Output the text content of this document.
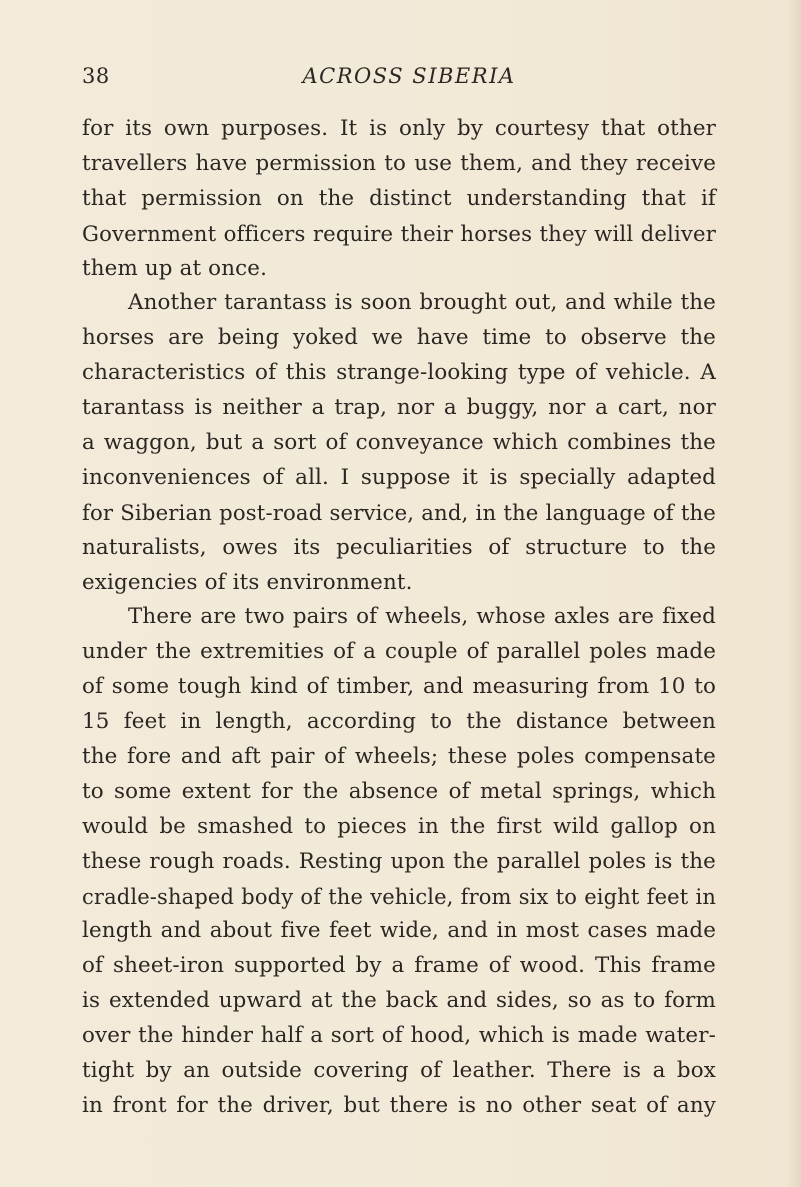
38	ACROSS SIBERIA
for its own purposes. It is only by courtesy that other
travellers have permission to use them, and they receive
that permission on the distinct understanding that if
Government officers require their horses they will deliver
them up at once.
Another tarantass is soon brought out, and while the
horses are being yoked we have time to observe the
characteristics of this strange-looking type of vehicle. A
tarantass is neither a trap, nor a buggy, nor a cart, nor
a waggon, but a sort of conveyance which combines the
inconveniences of all. I suppose it is specially adapted
for Siberian post-road service, and, in the language of the
naturalists, owes its peculiarities of structure to the
exigencies of its environment.
There are two pairs of wheels, whose axles are fixed
under the extremities of a couple of parallel poles made
of some tough kind of timber, and measuring from 10 to
15 feet in length, according to the distance between
the fore and aft pair of wheels; these poles compensate
to some extent for the absence of metal springs, which
would be smashed to pieces in the first wild gallop on
these rough roads. Resting upon the parallel poles is the
cradle-shaped body of the vehicle, from six to eight feet in
length and about five feet wide, and in most cases made
of sheet-iron supported by a frame of wood. This frame
is extended upward at the back and sides, so as to form
over the hinder half a sort of hood, which is made water-
tight by an outside covering of leather. There is a box
in front for the driver, but there is no other seat of any
